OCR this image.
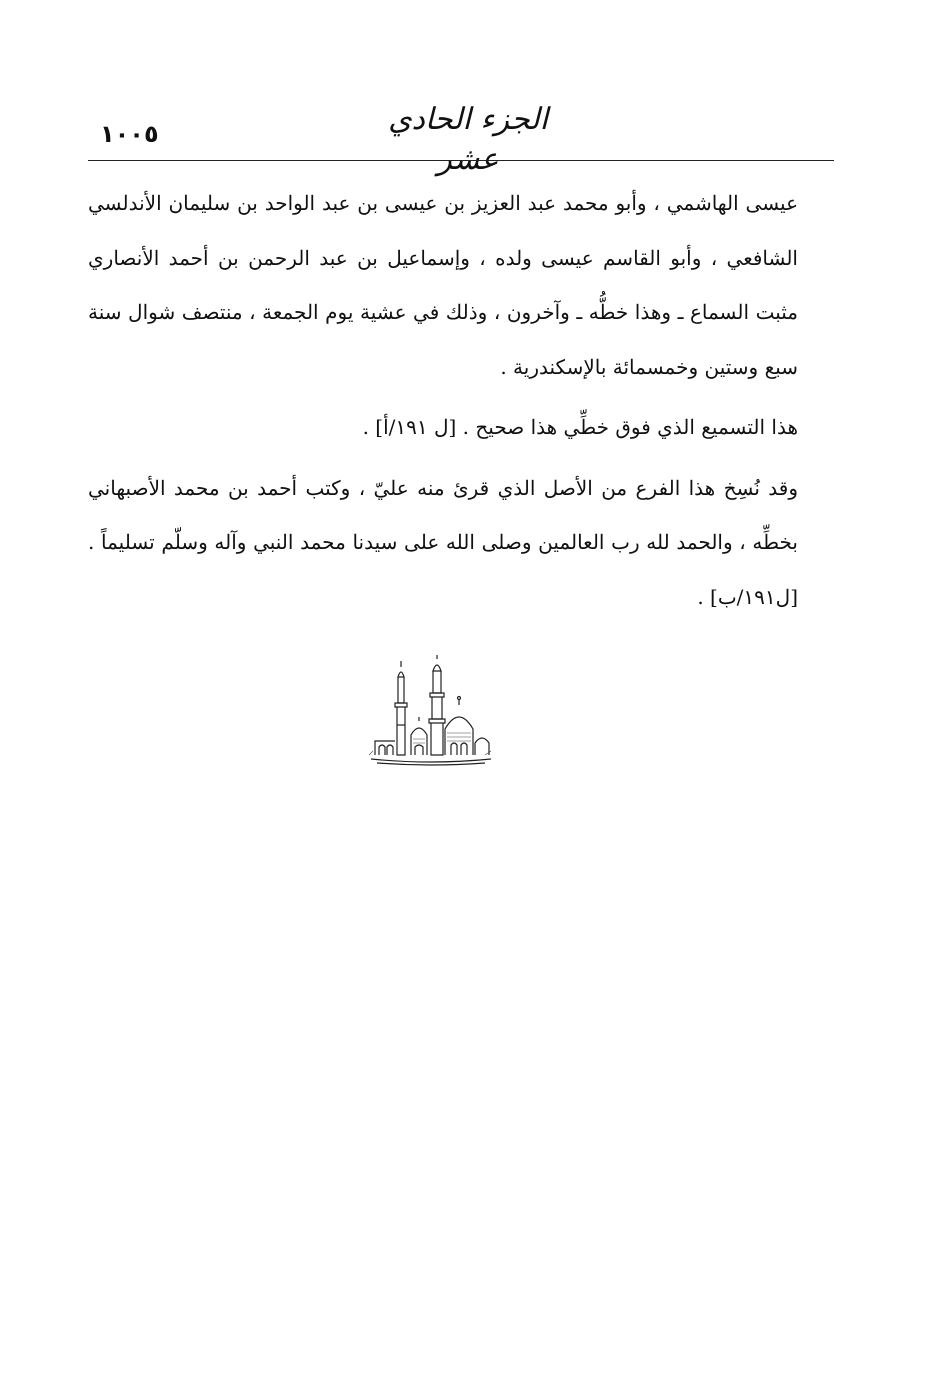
١٠٠٥	الجزء الحادي عشر

عيسى الهاشمي ، وأبو محمد عبد العزيز بن عيسى بن عبد الواحد بن سليمان الأندلسي الشافعي ، وأبو القاسم عيسى ولده ، وإسماعيل بن عبد الرحمن بن أحمد الأنصاري مثبت السماع ـ وهذا خطُّه ـ وآخرون ، وذلك في عشية يوم الجمعة ، منتصف شوال سنة سبع وستين وخمسمائة بالإسكندرية .

هذا التسميع الذي فوق خطِّي هذا صحيح . [ل ١٩١/أ] .

وقد نُسِخ هذا الفرع من الأصل الذي قرئ منه عليّ ، وكتب أحمد بن محمد الأصبهاني بخطِّه ، والحمد لله رب العالمين وصلى الله على سيدنا محمد النبي وآله وسلّم تسليماً . [ل١٩١/ب] .
